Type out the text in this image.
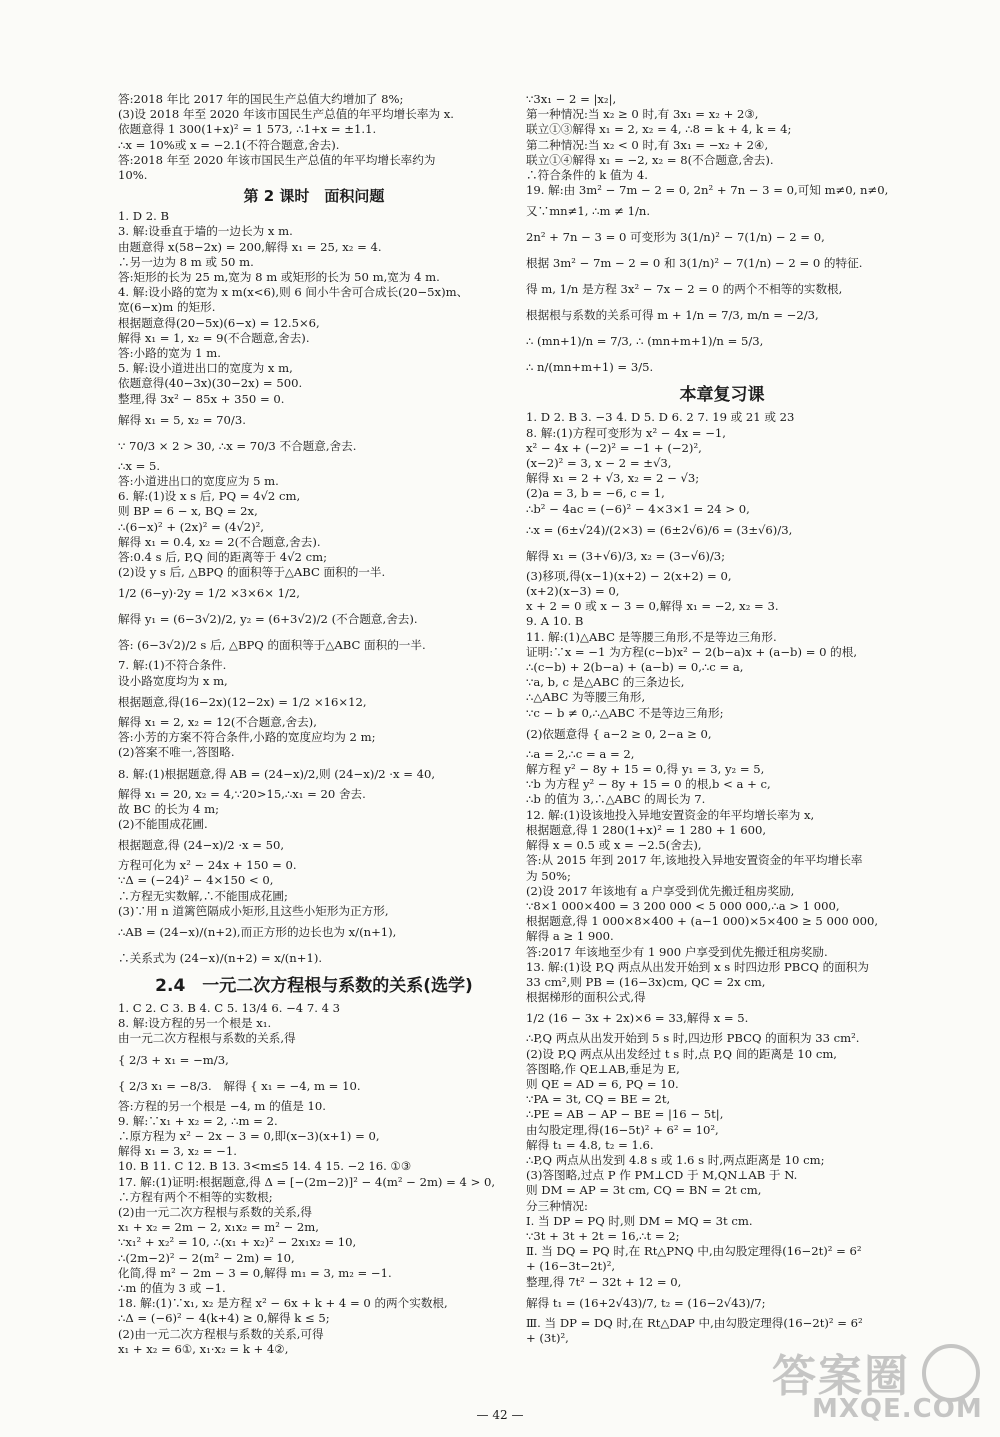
答:2018 年比 2017 年的国民生产总值大约增加了 8%;
(3)设 2018 年至 2020 年该市国民生产总值的年平均增长率为 x.
依题意得 1 300(1+x)² = 1 573, ∴1+x = ±1.1.
∴x = 10%或 x = −2.1(不符合题意,舍去).
答:2018 年至 2020 年该市国民生产总值的年平均增长率约为
10%.
第 2 课时　面积问题
1. D 2. B
3. 解:设垂直于墙的一边长为 x m.
由题意得 x(58−2x) = 200,解得 x₁ = 25, x₂ = 4.
∴另一边为 8 m 或 50 m.
答:矩形的长为 25 m,宽为 8 m 或矩形的长为 50 m,宽为 4 m.
4. 解:设小路的宽为 x m(x<6),则 6 间小牛舍可合成长(20−5x)m、
宽(6−x)m 的矩形.
根据题意得(20−5x)(6−x) = 12.5×6,
解得 x₁ = 1, x₂ = 9(不合题意,舍去).
答:小路的宽为 1 m.
5. 解:设小道进出口的宽度为 x m,
依题意得(40−3x)(30−2x) = 500.
整理,得 3x² − 85x + 350 = 0.
解得 x₁ = 5, x₂ = 70/3.
∵ 70/3 × 2 > 30, ∴x = 70/3 不合题意,舍去.
∴x = 5.
答:小道进出口的宽度应为 5 m.
6. 解:(1)设 x s 后, PQ = 4√2 cm,
则 BP = 6 − x, BQ = 2x,
∴(6−x)² + (2x)² = (4√2)²,
解得 x₁ = 0.4, x₂ = 2(不合题意,舍去).
答:0.4 s 后, P,Q 间的距离等于 4√2 cm;
(2)设 y s 后, △BPQ 的面积等于△ABC 面积的一半.
1/2 (6−y)·2y = 1/2 ×3×6× 1/2,
解得 y₁ = (6−3√2)/2, y₂ = (6+3√2)/2 (不合题意,舍去).
答: (6−3√2)/2 s 后, △BPQ 的面积等于△ABC 面积的一半.
7. 解:(1)不符合条件.
设小路宽度均为 x m,
根据题意,得(16−2x)(12−2x) = 1/2 ×16×12,
解得 x₁ = 2, x₂ = 12(不合题意,舍去),
答:小芳的方案不符合条件,小路的宽度应均为 2 m;
(2)答案不唯一,答图略.
8. 解:(1)根据题意,得 AB = (24−x)/2,则 (24−x)/2 ·x = 40,
解得 x₁ = 20, x₂ = 4,∵20>15,∴x₁ = 20 舍去.
故 BC 的长为 4 m;
(2)不能围成花圃.
根据题意,得 (24−x)/2 ·x = 50,
方程可化为 x² − 24x + 150 = 0.
∵Δ = (−24)² − 4×150 < 0,
∴方程无实数解,∴不能围成花圃;
(3)∵用 n 道篱笆隔成小矩形,且这些小矩形为正方形,
∴AB = (24−x)/(n+2),而正方形的边长也为 x/(n+1),
∴关系式为 (24−x)/(n+2) = x/(n+1).
2.4　一元二次方程根与系数的关系(选学)
1. C 2. C 3. B 4. C 5. 13/4 6. −4 7. 4 3
8. 解:设方程的另一个根是 x₁.
由一元二次方程根与系数的关系,得
{ 2/3 + x₁ = −m/3,
{ 2/3 x₁ = −8/3.　解得 { x₁ = −4, m = 10.
答:方程的另一个根是 −4, m 的值是 10.
9. 解:∵x₁ + x₂ = 2, ∴m = 2.
∴原方程为 x² − 2x − 3 = 0,即(x−3)(x+1) = 0,
解得 x₁ = 3, x₂ = −1.
10. B 11. C 12. B 13. 3<m≤5 14. 4 15. −2 16. ①③
17. 解:(1)证明:根据题意,得 Δ = [−(2m−2)]² − 4(m² − 2m) = 4 > 0,
∴方程有两个不相等的实数根;
(2)由一元二次方程根与系数的关系,得
x₁ + x₂ = 2m − 2, x₁x₂ = m² − 2m,
∵x₁² + x₂² = 10, ∴(x₁ + x₂)² − 2x₁x₂ = 10,
∴(2m−2)² − 2(m² − 2m) = 10,
化简,得 m² − 2m − 3 = 0,解得 m₁ = 3, m₂ = −1.
∴m 的值为 3 或 −1.
18. 解:(1)∵x₁, x₂ 是方程 x² − 6x + k + 4 = 0 的两个实数根,
∴Δ = (−6)² − 4(k+4) ≥ 0,解得 k ≤ 5;
(2)由一元二次方程根与系数的关系,可得
x₁ + x₂ = 6①, x₁·x₂ = k + 4②,
∵3x₁ − 2 = |x₂|,
第一种情况:当 x₂ ≥ 0 时,有 3x₁ = x₂ + 2③,
联立①③解得 x₁ = 2, x₂ = 4, ∴8 = k + 4, k = 4;
第二种情况:当 x₂ < 0 时,有 3x₁ = −x₂ + 2④,
联立①④解得 x₁ = −2, x₂ = 8(不合题意,舍去).
∴符合条件的 k 值为 4.
19. 解:由 3m² − 7m − 2 = 0, 2n² + 7n − 3 = 0,可知 m≠0, n≠0,
又∵mn≠1, ∴m ≠ 1/n.
2n² + 7n − 3 = 0 可变形为 3(1/n)² − 7(1/n) − 2 = 0,
根据 3m² − 7m − 2 = 0 和 3(1/n)² − 7(1/n) − 2 = 0 的特征.
得 m, 1/n 是方程 3x² − 7x − 2 = 0 的两个不相等的实数根,
根据根与系数的关系可得 m + 1/n = 7/3, m/n = −2/3,
∴ (mn+1)/n = 7/3, ∴ (mn+m+1)/n = 5/3,
∴ n/(mn+m+1) = 3/5.
本章复习课
1. D 2. B 3. −3 4. D 5. D 6. 2 7. 19 或 21 或 23
8. 解:(1)方程可变形为 x² − 4x = −1,
x² − 4x + (−2)² = −1 + (−2)²,
(x−2)² = 3, x − 2 = ±√3,
解得 x₁ = 2 + √3, x₂ = 2 − √3;
(2)a = 3, b = −6, c = 1,
∴b² − 4ac = (−6)² − 4×3×1 = 24 > 0,
∴x = (6±√24)/(2×3) = (6±2√6)/6 = (3±√6)/3,
解得 x₁ = (3+√6)/3, x₂ = (3−√6)/3;
(3)移项,得(x−1)(x+2) − 2(x+2) = 0,
(x+2)(x−3) = 0,
x + 2 = 0 或 x − 3 = 0,解得 x₁ = −2, x₂ = 3.
9. A 10. B
11. 解:(1)△ABC 是等腰三角形,不是等边三角形.
证明:∵x = −1 为方程(c−b)x² − 2(b−a)x + (a−b) = 0 的根,
∴(c−b) + 2(b−a) + (a−b) = 0,∴c = a,
∵a, b, c 是△ABC 的三条边长,
∴△ABC 为等腰三角形,
∵c − b ≠ 0,∴△ABC 不是等边三角形;
(2)依题意得 { a−2 ≥ 0, 2−a ≥ 0,
∴a = 2,∴c = a = 2,
解方程 y² − 8y + 15 = 0,得 y₁ = 3, y₂ = 5,
∵b 为方程 y² − 8y + 15 = 0 的根,b < a + c,
∴b 的值为 3,∴△ABC 的周长为 7.
12. 解:(1)设该地投入异地安置资金的年平均增长率为 x,
根据题意,得 1 280(1+x)² = 1 280 + 1 600,
解得 x = 0.5 或 x = −2.5(舍去),
答:从 2015 年到 2017 年,该地投入异地安置资金的年平均增长率
为 50%;
(2)设 2017 年该地有 a 户享受到优先搬迁租房奖励,
∵8×1 000×400 = 3 200 000 < 5 000 000,∴a > 1 000,
根据题意,得 1 000×8×400 + (a−1 000)×5×400 ≥ 5 000 000,
解得 a ≥ 1 900.
答:2017 年该地至少有 1 900 户享受到优先搬迁租房奖励.
13. 解:(1)设 P,Q 两点从出发开始到 x s 时四边形 PBCQ 的面积为
33 cm²,则 PB = (16−3x)cm, QC = 2x cm,
根据梯形的面积公式,得
1/2 (16 − 3x + 2x)×6 = 33,解得 x = 5.
∴P,Q 两点从出发开始到 5 s 时,四边形 PBCQ 的面积为 33 cm².
(2)设 P,Q 两点从出发经过 t s 时,点 P,Q 间的距离是 10 cm,
答图略,作 QE⊥AB,垂足为 E,
则 QE = AD = 6, PQ = 10.
∵PA = 3t, CQ = BE = 2t,
∴PE = AB − AP − BE = |16 − 5t|,
由勾股定理,得(16−5t)² + 6² = 10²,
解得 t₁ = 4.8, t₂ = 1.6.
∴P,Q 两点从出发到 4.8 s 或 1.6 s 时,两点距离是 10 cm;
(3)答图略,过点 P 作 PM⊥CD 于 M,QN⊥AB 于 N.
则 DM = AP = 3t cm, CQ = BN = 2t cm,
分三种情况:
Ⅰ. 当 DP = PQ 时,则 DM = MQ = 3t cm.
∵3t + 3t + 2t = 16,∴t = 2;
Ⅱ. 当 DQ = PQ 时,在 Rt△PNQ 中,由勾股定理得(16−2t)² = 6²
+ (16−3t−2t)²,
整理,得 7t² − 32t + 12 = 0,
解得 t₁ = (16+2√43)/7, t₂ = (16−2√43)/7;
Ⅲ. 当 DP = DQ 时,在 Rt△DAP 中,由勾股定理得(16−2t)² = 6²
+ (3t)²,
— 42 —
答案圈
MXQE.COM
